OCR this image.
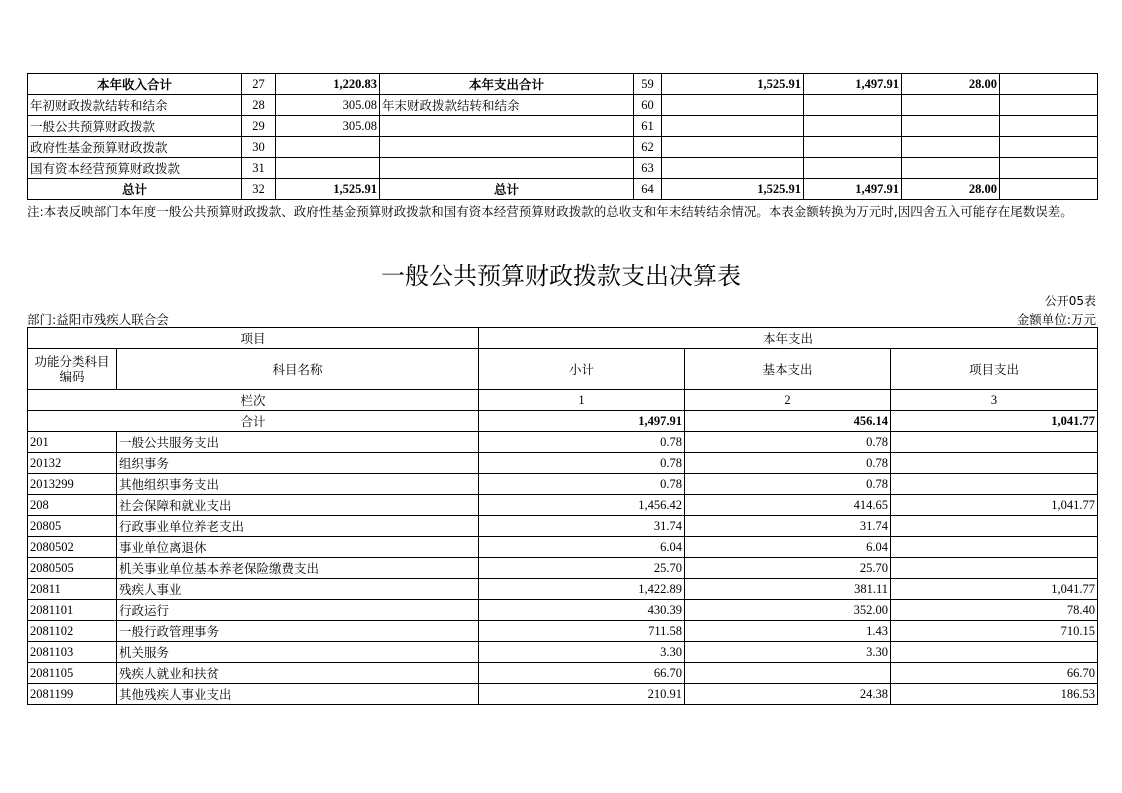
本年收入合计	27	1,220.83	本年支出合计	59	1,525.91	1,497.91	28.00	
年初财政拨款结转和结余	28	305.08	年末财政拨款结转和结余	60				
一般公共预算财政拨款	29	305.08		61				
政府性基金预算财政拨款	30			62				
国有资本经营预算财政拨款	31			63				
总计	32	1,525.91	总计	64	1,525.91	1,497.91	28.00	
注:本表反映部门本年度一般公共预算财政拨款、政府性基金预算财政拨款和国有资本经营预算财政拨款的总收支和年末结转结余情况。本表金额转换为万元时,因四舍五入可能存在尾数误差。
一般公共预算财政拨款支出决算表
公开05表
部门:益阳市残疾人联合会	金额单位:万元
项目		本年支出		
功能分类科目编码	科目名称	小计	基本支出	项目支出
栏次		1	2	3
合计		1,497.91	456.14	1,041.77
201	一般公共服务支出	0.78	0.78	
20132	组织事务	0.78	0.78	
2013299	其他组织事务支出	0.78	0.78	
208	社会保障和就业支出	1,456.42	414.65	1,041.77
20805	行政事业单位养老支出	31.74	31.74	
2080502	事业单位离退休	6.04	6.04	
2080505	机关事业单位基本养老保险缴费支出	25.70	25.70	
20811	残疾人事业	1,422.89	381.11	1,041.77
2081101	行政运行	430.39	352.00	78.40
2081102	一般行政管理事务	711.58	1.43	710.15
2081103	机关服务	3.30	3.30	
2081105	残疾人就业和扶贫	66.70		66.70
2081199	其他残疾人事业支出	210.91	24.38	186.53
